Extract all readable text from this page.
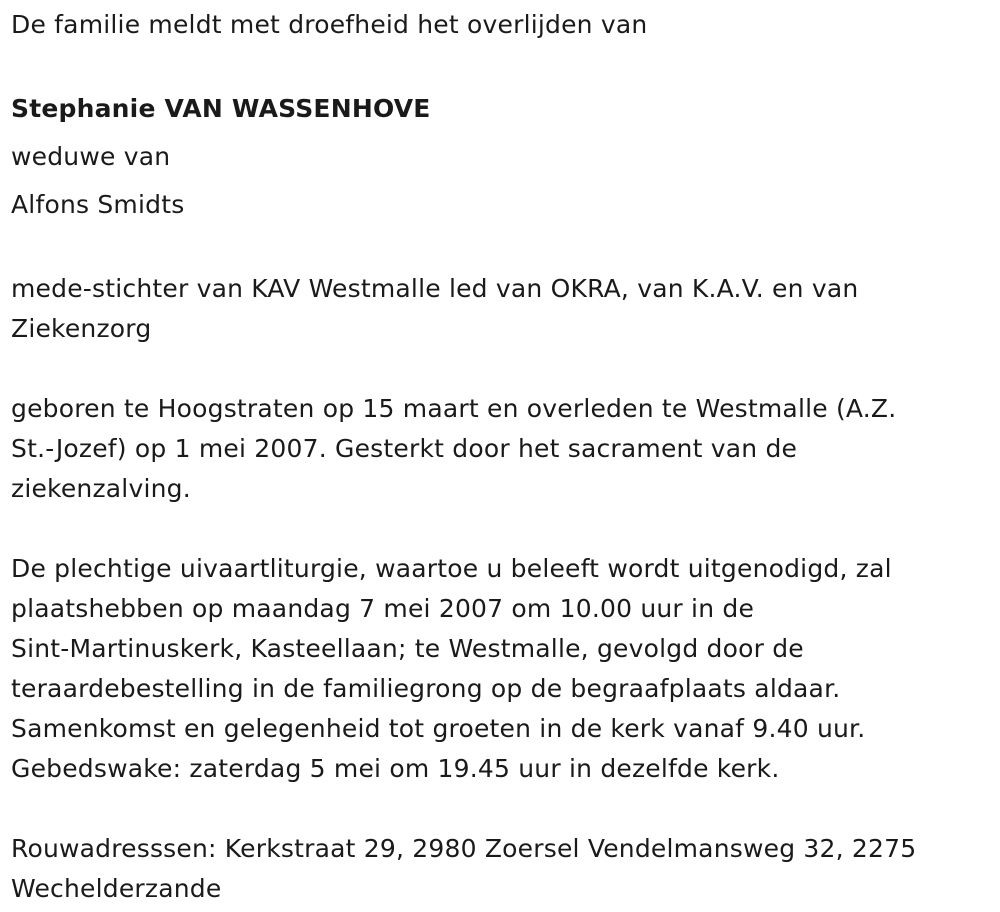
De familie meldt met droefheid het overlijden van

Stephanie VAN WASSENHOVE

weduwe van

Alfons Smidts

mede-stichter van KAV Westmalle led van OKRA, van K.A.V. en van

Ziekenzorg

geboren te Hoogstraten op 15 maart en overleden te Westmalle (A.Z.

St.-Jozef) op 1 mei 2007. Gesterkt door het sacrament van de

ziekenzalving.

De plechtige uivaartliturgie, waartoe u beleeft wordt uitgenodigd, zal

plaatshebben op maandag 7 mei 2007 om 10.00 uur in de

Sint-Martinuskerk, Kasteellaan; te Westmalle, gevolgd door de

teraardebestelling in de familiegrong op de begraafplaats aldaar.

Samenkomst en gelegenheid tot groeten in de kerk vanaf 9.40 uur.

Gebedswake: zaterdag 5 mei om 19.45 uur in dezelfde kerk.

Rouwadresssen: Kerkstraat 29, 2980 Zoersel Vendelmansweg 32, 2275

Wechelderzande
